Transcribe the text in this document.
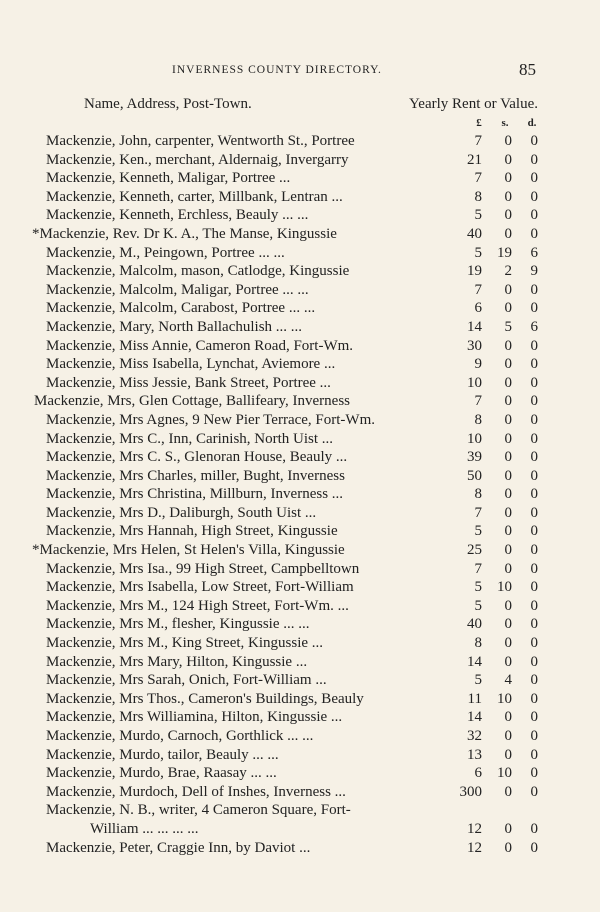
INVERNESS COUNTY DIRECTORY.	85
Name, Address, Post-Town.	Yearly Rent or Value.
£	s.	d.
Mackenzie, John, carpenter, Wentworth St., Portree	7	0	0
Mackenzie, Ken., merchant, Aldernaig, Invergarry	21	0	0
Mackenzie, Kenneth, Maligar, Portree ...	7	0	0
Mackenzie, Kenneth, carter, Millbank, Lentran ...	8	0	0
Mackenzie, Kenneth, Erchless, Beauly ... ...	5	0	0
*Mackenzie, Rev. Dr K. A., The Manse, Kingussie	40	0	0
Mackenzie, M., Peingown, Portree ... ...	5	19	6
Mackenzie, Malcolm, mason, Catlodge, Kingussie	19	2	9
Mackenzie, Malcolm, Maligar, Portree ... ...	7	0	0
Mackenzie, Malcolm, Carabost, Portree ... ...	6	0	0
Mackenzie, Mary, North Ballachulish ... ...	14	5	6
Mackenzie, Miss Annie, Cameron Road, Fort-Wm.	30	0	0
Mackenzie, Miss Isabella, Lynchat, Aviemore ...	9	0	0
Mackenzie, Miss Jessie, Bank Street, Portree ...	10	0	0
Mackenzie, Mrs, Glen Cottage, Ballifeary, Inverness	7	0	0
Mackenzie, Mrs Agnes, 9 New Pier Terrace, Fort-Wm.	8	0	0
Mackenzie, Mrs C., Inn, Carinish, North Uist ...	10	0	0
Mackenzie, Mrs C. S., Glenoran House, Beauly ...	39	0	0
Mackenzie, Mrs Charles, miller, Bught, Inverness	50	0	0
Mackenzie, Mrs Christina, Millburn, Inverness ...	8	0	0
Mackenzie, Mrs D., Daliburgh, South Uist ...	7	0	0
Mackenzie, Mrs Hannah, High Street, Kingussie	5	0	0
*Mackenzie, Mrs Helen, St Helen's Villa, Kingussie	25	0	0
Mackenzie, Mrs Isa., 99 High Street, Campbelltown	7	0	0
Mackenzie, Mrs Isabella, Low Street, Fort-William	5	10	0
Mackenzie, Mrs M., 124 High Street, Fort-Wm. ...	5	0	0
Mackenzie, Mrs M., flesher, Kingussie ... ...	40	0	0
Mackenzie, Mrs M., King Street, Kingussie ...	8	0	0
Mackenzie, Mrs Mary, Hilton, Kingussie ...	14	0	0
Mackenzie, Mrs Sarah, Onich, Fort-William ...	5	4	0
Mackenzie, Mrs Thos., Cameron's Buildings, Beauly	11	10	0
Mackenzie, Mrs Williamina, Hilton, Kingussie ...	14	0	0
Mackenzie, Murdo, Carnoch, Gorthlick ... ...	32	0	0
Mackenzie, Murdo, tailor, Beauly ... ...	13	0	0
Mackenzie, Murdo, Brae, Raasay ... ...	6	10	0
Mackenzie, Murdoch, Dell of Inshes, Inverness ...	300	0	0
Mackenzie, N. B., writer, 4 Cameron Square, Fort-
William ... ... ... ...	12	0	0
Mackenzie, Peter, Craggie Inn, by Daviot ...	12	0	0
